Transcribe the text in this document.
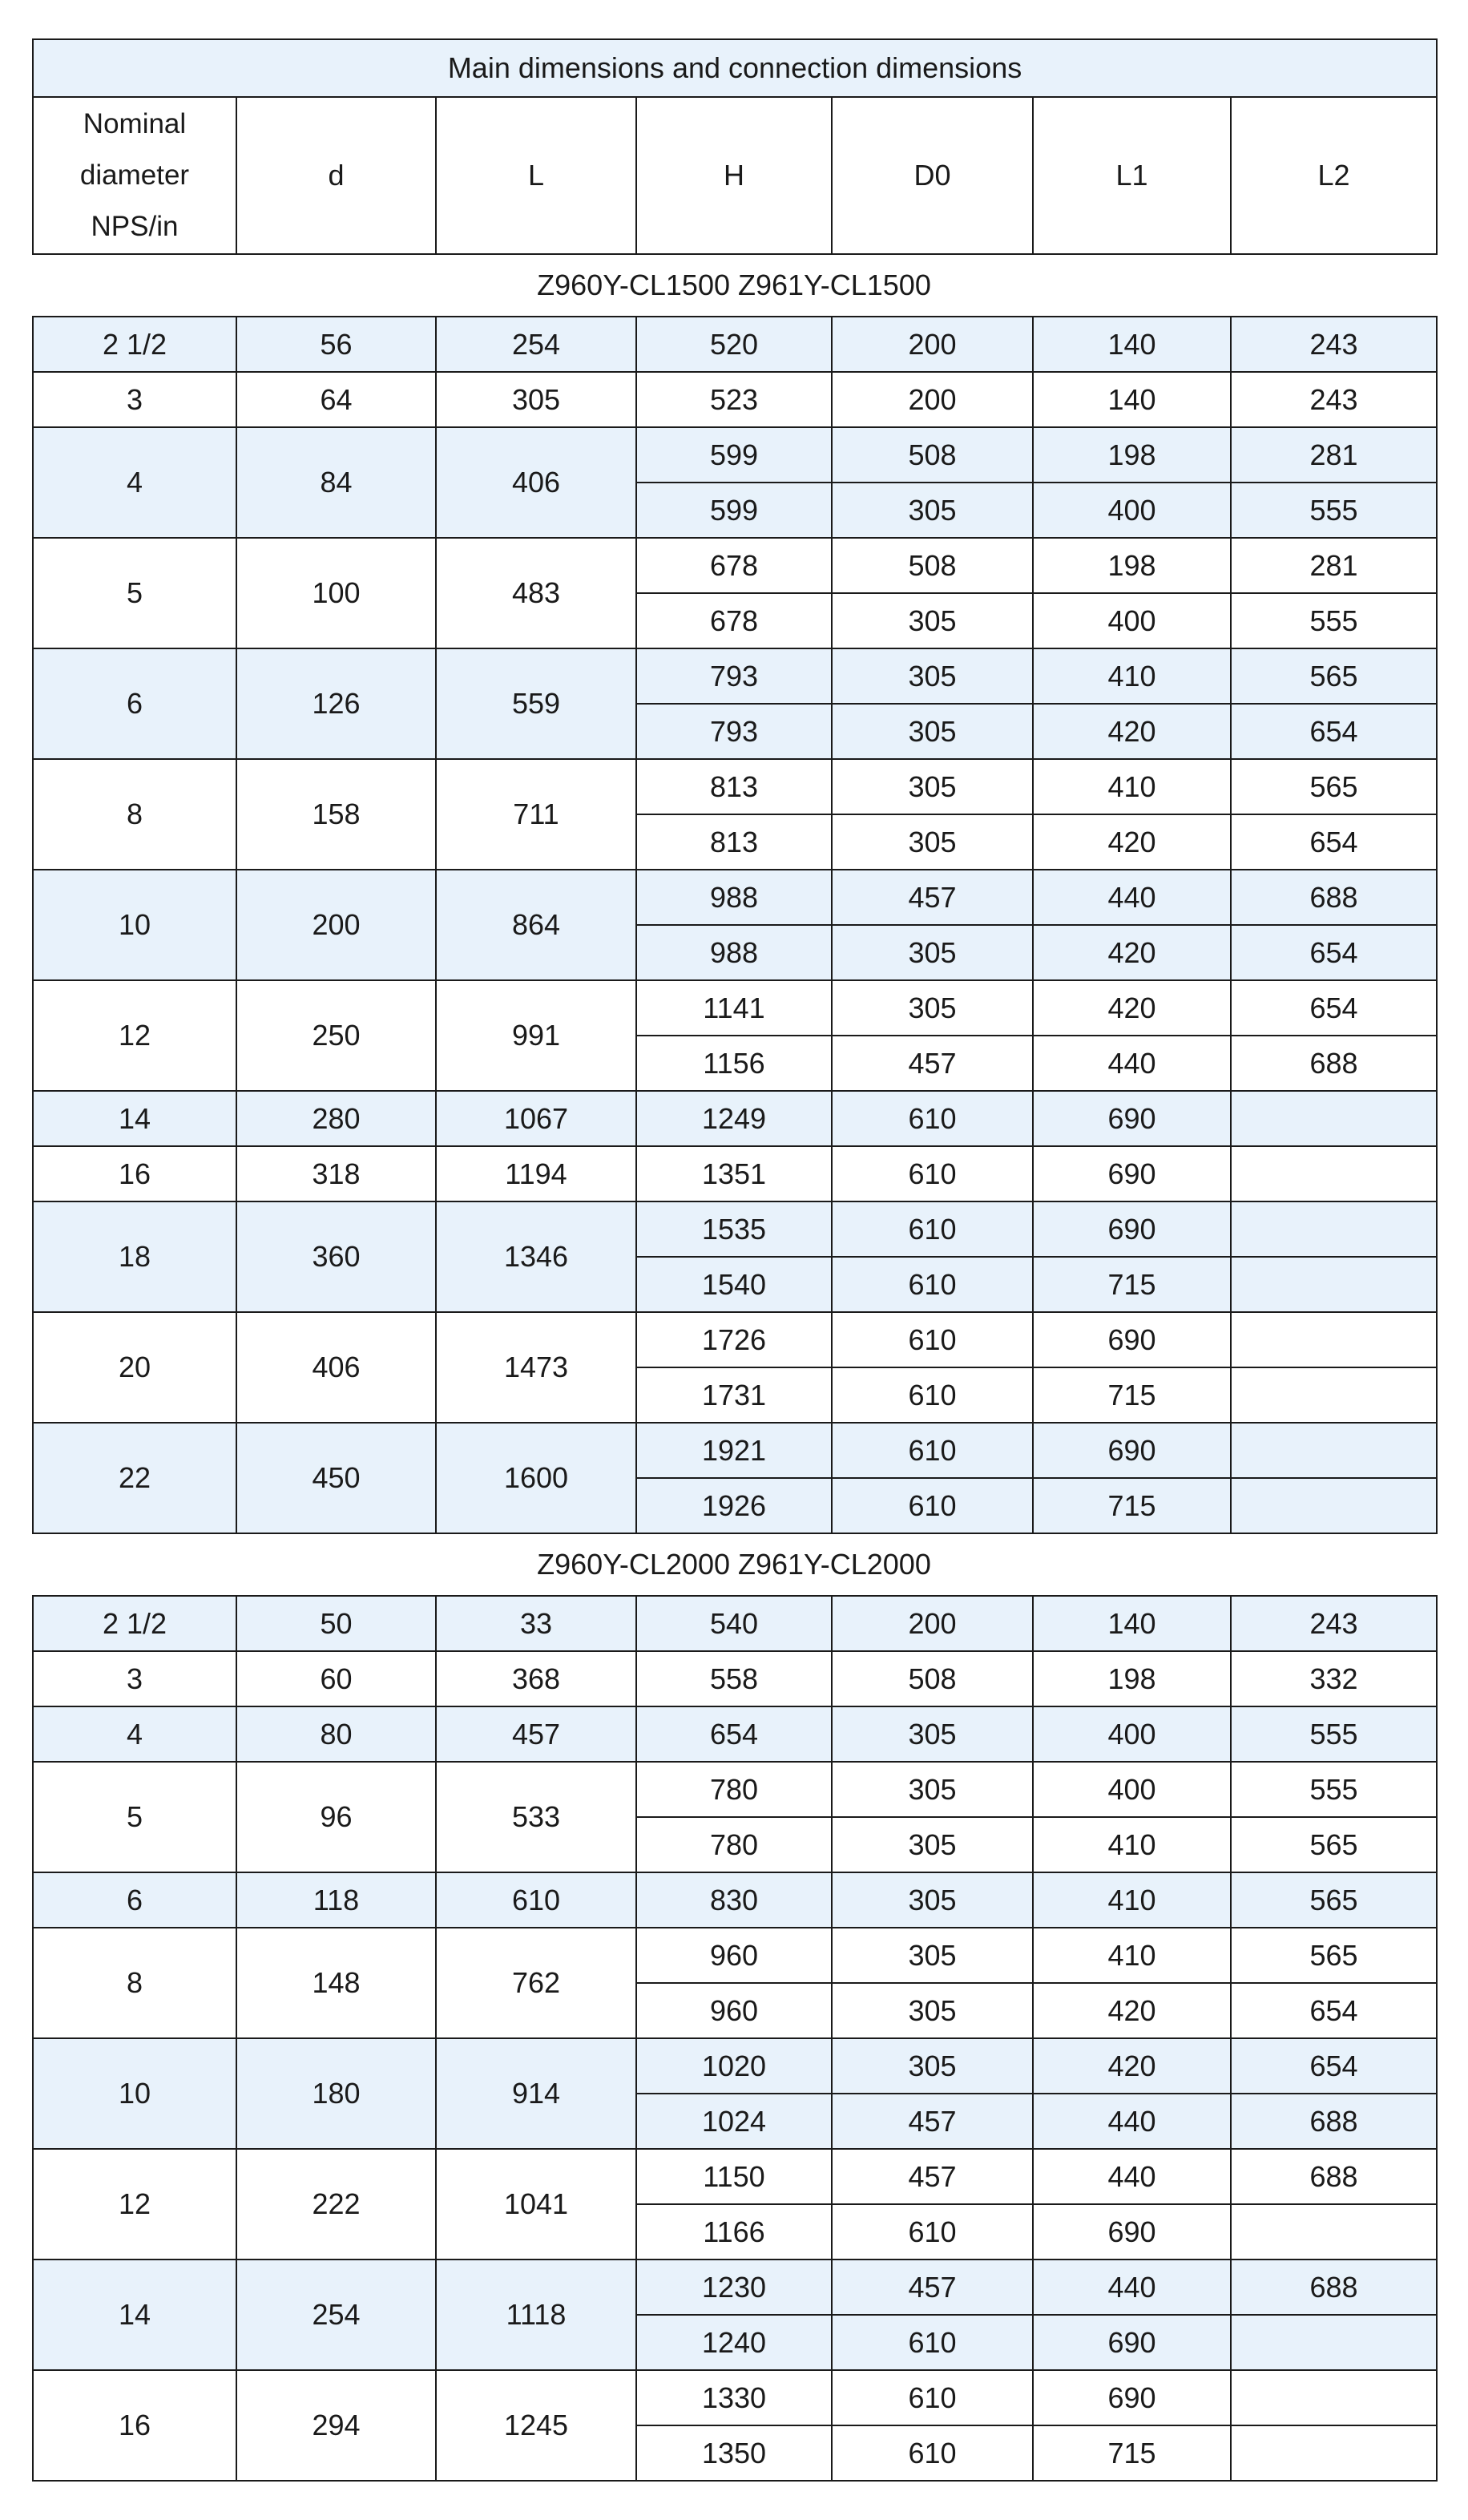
Main dimensions and connection dimensions

Nominal
diameter
NPS/in
	d	L	H	D0	L1	L2
Z960Y-CL1500 Z961Y-CL1500
2 1/2	56	254	520	200	140	243
3	64	305	523	200	140	243
4	84	406	599	508	198	281
			599	305	400	555
5	100	483	678	508	198	281
			678	305	400	555
6	126	559	793	305	410	565
			793	305	420	654
8	158	711	813	305	410	565
			813	305	420	654
10	200	864	988	457	440	688
			988	305	420	654
12	250	991	1141	305	420	654
			1156	457	440	688
14	280	1067	1249	610	690	
16	318	1194	1351	610	690	
18	360	1346	1535	610	690	
			1540	610	715	
20	406	1473	1726	610	690	
			1731	610	715	
22	450	1600	1921	610	690	
			1926	610	715	
Z960Y-CL2000 Z961Y-CL2000
2 1/2	50	33	540	200	140	243
3	60	368	558	508	198	332
4	80	457	654	305	400	555
5	96	533	780	305	400	555
			780	305	410	565
6	118	610	830	305	410	565
8	148	762	960	305	410	565
			960	305	420	654
10	180	914	1020	305	420	654
			1024	457	440	688
12	222	1041	1150	457	440	688
			1166	610	690	
14	254	1118	1230	457	440	688
			1240	610	690	
16	294	1245	1330	610	690	
			1350	610	715	
